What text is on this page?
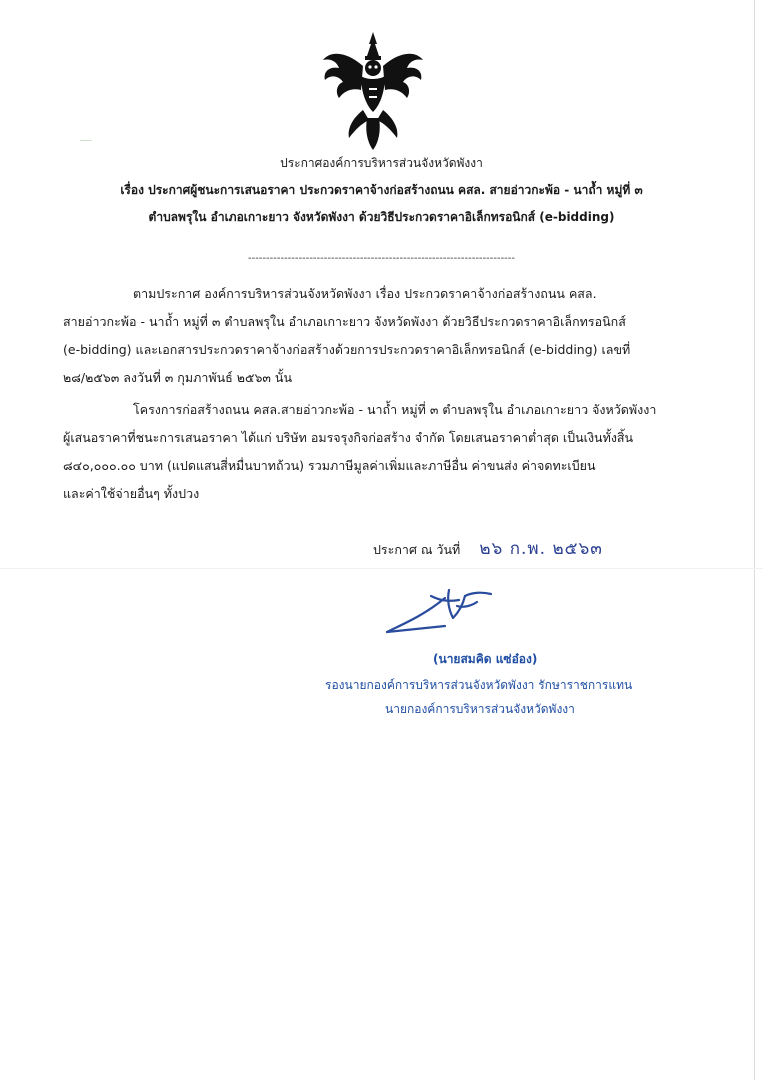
ประกาศองค์การบริหารส่วนจังหวัดพังงา
เรื่อง ประกาศผู้ชนะการเสนอราคา ประกวดราคาจ้างก่อสร้างถนน คสล. สายอ่าวกะพ้อ - นาถ้ำ หมู่ที่ ๓
ตำบลพรุใน อำเภอเกาะยาว จังหวัดพังงา ด้วยวิธีประกวดราคาอิเล็กทรอนิกส์ (e-bidding)
--------------------------------------------------------------------------
ตามประกาศ องค์การบริหารส่วนจังหวัดพังงา เรื่อง ประกวดราคาจ้างก่อสร้างถนน คสล.
สายอ่าวกะพ้อ - นาถ้ำ หมู่ที่ ๓ ตำบลพรุใน อำเภอเกาะยาว จังหวัดพังงา ด้วยวิธีประกวดราคาอิเล็กทรอนิกส์
(e-bidding) และเอกสารประกวดราคาจ้างก่อสร้างด้วยการประกวดราคาอิเล็กทรอนิกส์ (e-bidding) เลขที่
๒๘/๒๕๖๓ ลงวันที่ ๓ กุมภาพันธ์ ๒๕๖๓ นั้น
โครงการก่อสร้างถนน คสล.สายอ่าวกะพ้อ - นาถ้ำ หมู่ที่ ๓ ตำบลพรุใน อำเภอเกาะยาว จังหวัดพังงา
ผู้เสนอราคาที่ชนะการเสนอราคา ได้แก่ บริษัท อมรจรุงกิจก่อสร้าง จำกัด โดยเสนอราคาต่ำสุด เป็นเงินทั้งสิ้น
๘๔๐,๐๐๐.๐๐ บาท (แปดแสนสี่หมื่นบาทถ้วน) รวมภาษีมูลค่าเพิ่มและภาษีอื่น ค่าขนส่ง ค่าจดทะเบียน
และค่าใช้จ่ายอื่นๆ ทั้งปวง
ประกาศ ณ วันที่ ๒๖ ก.พ. ๒๕๖๓
(นายสมคิด แซ่อ๋อง)
รองนายกองค์การบริหารส่วนจังหวัดพังงา รักษาราชการแทน
นายกองค์การบริหารส่วนจังหวัดพังงา
